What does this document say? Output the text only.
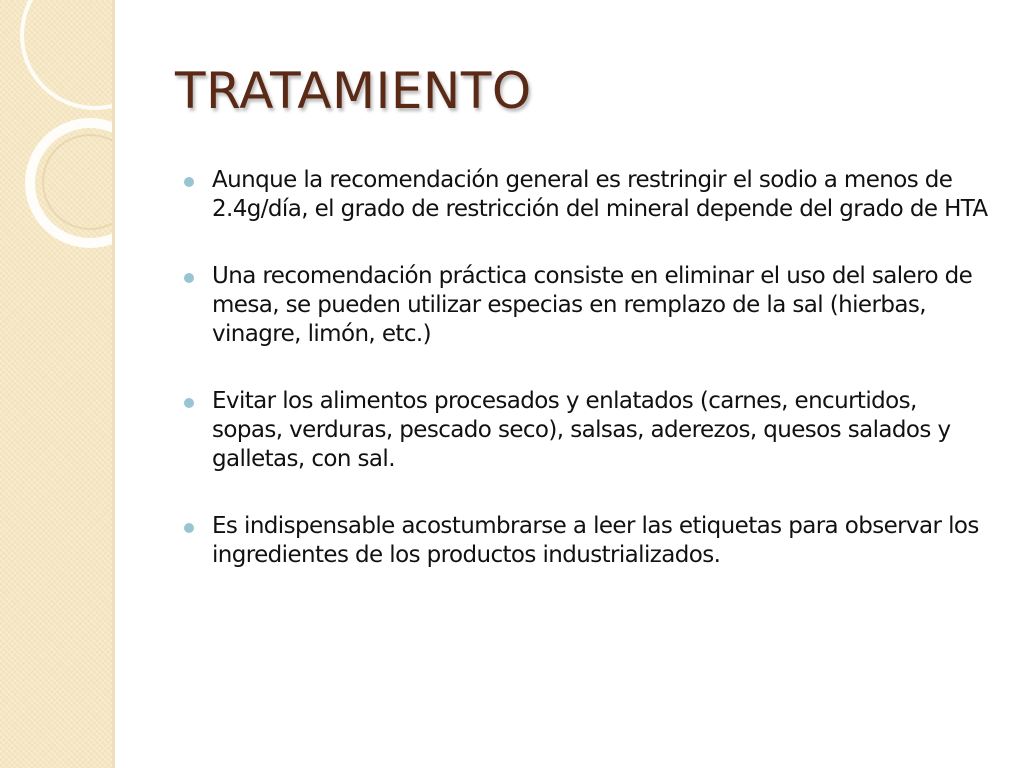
TRATAMIENTO
Aunque la recomendación general es restringir el sodio a menos de 2.4g/día, el grado de restricción del mineral depende del grado de HTA
Una recomendación práctica consiste en eliminar el uso del salero de mesa, se pueden utilizar especias en remplazo de la sal (hierbas, vinagre, limón, etc.)
Evitar los alimentos procesados y enlatados (carnes, encurtidos, sopas, verduras, pescado seco), salsas, aderezos, quesos salados y galletas, con sal.
Es indispensable acostumbrarse a leer las etiquetas para observar los ingredientes de los productos industrializados.
